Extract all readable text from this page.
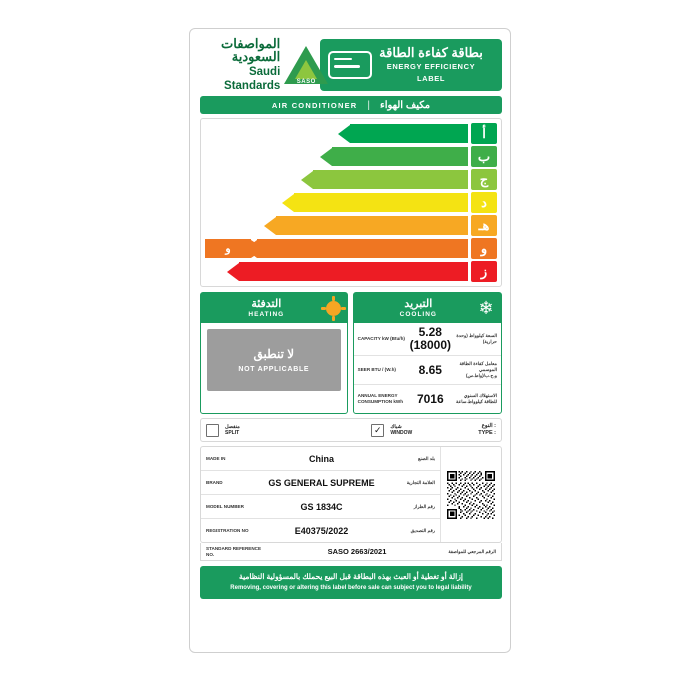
المواصفات السعودية
Saudi Standards	SASO
بطاقة كفاءة الطاقة
ENERGY EFFICIENCY LABEL
AIR CONDITIONER | مكيف الهواء
أ
ب
ج
د
هـ
و	و
ز
التدفئة
HEATING
لا تنطبق
NOT APPLICABLE
التبريد
COOLING	❄
CAPACITY kW (Btu/h)	5.28
(18000)
السعة كيلوواط (وحدة حرارية)
SEER BTU / (W.h)	8.65	معامل كفاءة الطاقة الموسمي و.ح.ب/(واط.س)
ANNUAL ENERGY CONSUMPTION kWh	7016	الاستهلاك السنوي للطاقة كيلوواط.ساعة
منفصل
SPLIT	✓ شباك
WINDOW
النوع :
TYPE :
MADE IN	China	بلد الصنع
BRAND	GS GENERAL SUPREME	العلامة التجارية
MODEL NUMBER	GS 1834C	رقم الطراز
REGISTRATION NO	E40375/2022	رقم التصديق
STANDARD REFERENCE NO.	SASO 2663/2021	الرقم المرجعي للمواصفة
إزالة أو تغطية أو العبث بهذه البطاقة قبل البيع يحملك بالمسؤولية النظامية
Removing, covering or altering this label before sale can subject you to legal liability
